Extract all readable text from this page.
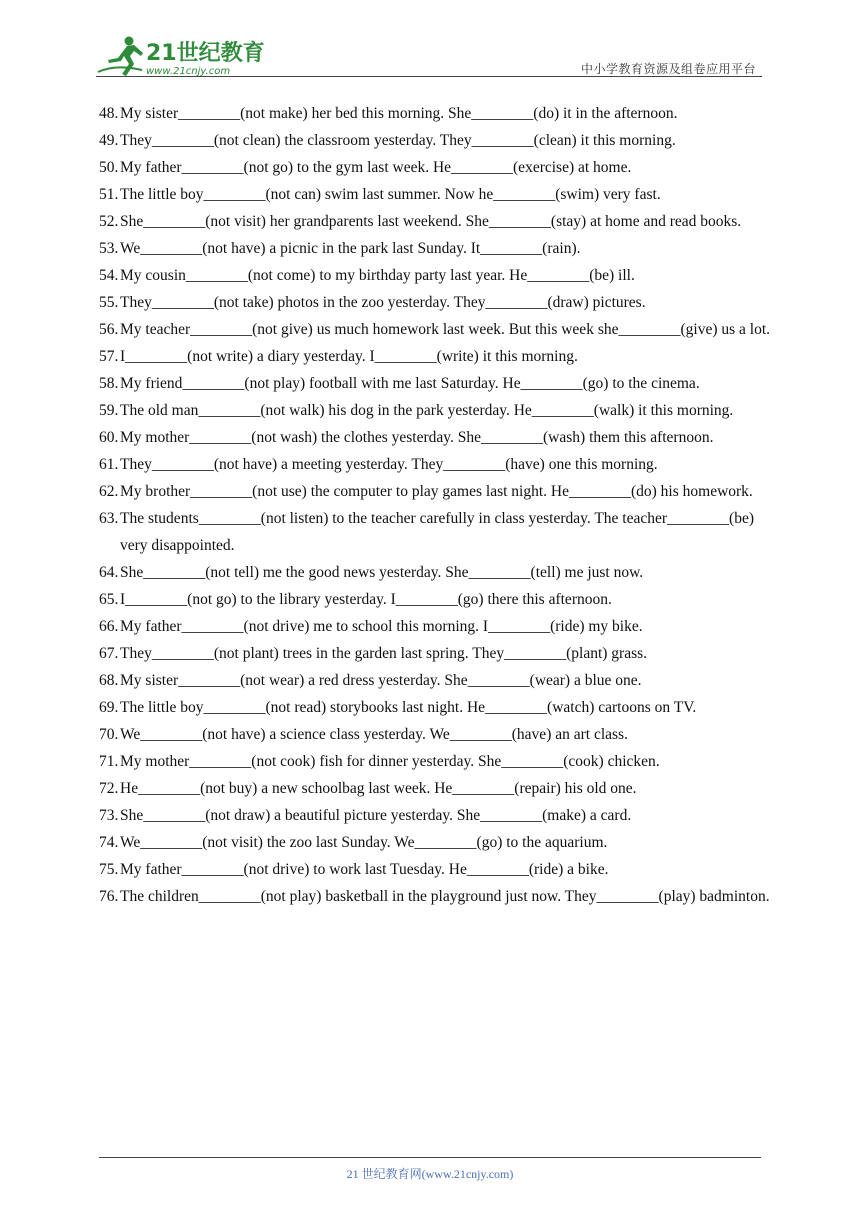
21世纪教育
www.21cnjy.com	中小学教育资源及组卷应用平台
48. My sister________(not make) her bed this morning. She________(do) it in the afternoon.
49. They________(not clean) the classroom yesterday. They________(clean) it this morning.
50. My father________(not go) to the gym last week. He________(exercise) at home.
51. The little boy________(not can) swim last summer. Now he________(swim) very fast.
52. She________(not visit) her grandparents last weekend. She________(stay) at home and read books.
53. We________(not have) a picnic in the park last Sunday. It________(rain).
54. My cousin________(not come) to my birthday party last year. He________(be) ill.
55. They________(not take) photos in the zoo yesterday. They________(draw) pictures.
56. My teacher________(not give) us much homework last week. But this week she________(give) us a lot.
57. I________(not write) a diary yesterday. I________(write) it this morning.
58. My friend________(not play) football with me last Saturday. He________(go) to the cinema.
59. The old man________(not walk) his dog in the park yesterday. He________(walk) it this morning.
60. My mother________(not wash) the clothes yesterday. She________(wash) them this afternoon.
61. They________(not have) a meeting yesterday. They________(have) one this morning.
62. My brother________(not use) the computer to play games last night. He________(do) his homework.
63. The students________(not listen) to the teacher carefully in class yesterday. The teacher________(be) very disappointed.
64. She________(not tell) me the good news yesterday. She________(tell) me just now.
65. I________(not go) to the library yesterday. I________(go) there this afternoon.
66. My father________(not drive) me to school this morning. I________(ride) my bike.
67. They________(not plant) trees in the garden last spring. They________(plant) grass.
68. My sister________(not wear) a red dress yesterday. She________(wear) a blue one.
69. The little boy________(not read) storybooks last night. He________(watch) cartoons on TV.
70. We________(not have) a science class yesterday. We________(have) an art class.
71. My mother________(not cook) fish for dinner yesterday. She________(cook) chicken.
72. He________(not buy) a new schoolbag last week. He________(repair) his old one.
73. She________(not draw) a beautiful picture yesterday. She________(make) a card.
74. We________(not visit) the zoo last Sunday. We________(go) to the aquarium.
75. My father________(not drive) to work last Tuesday. He________(ride) a bike.
76. The children________(not play) basketball in the playground just now. They________(play) badminton.
21 世纪教育网(www.21cnjy.com)
